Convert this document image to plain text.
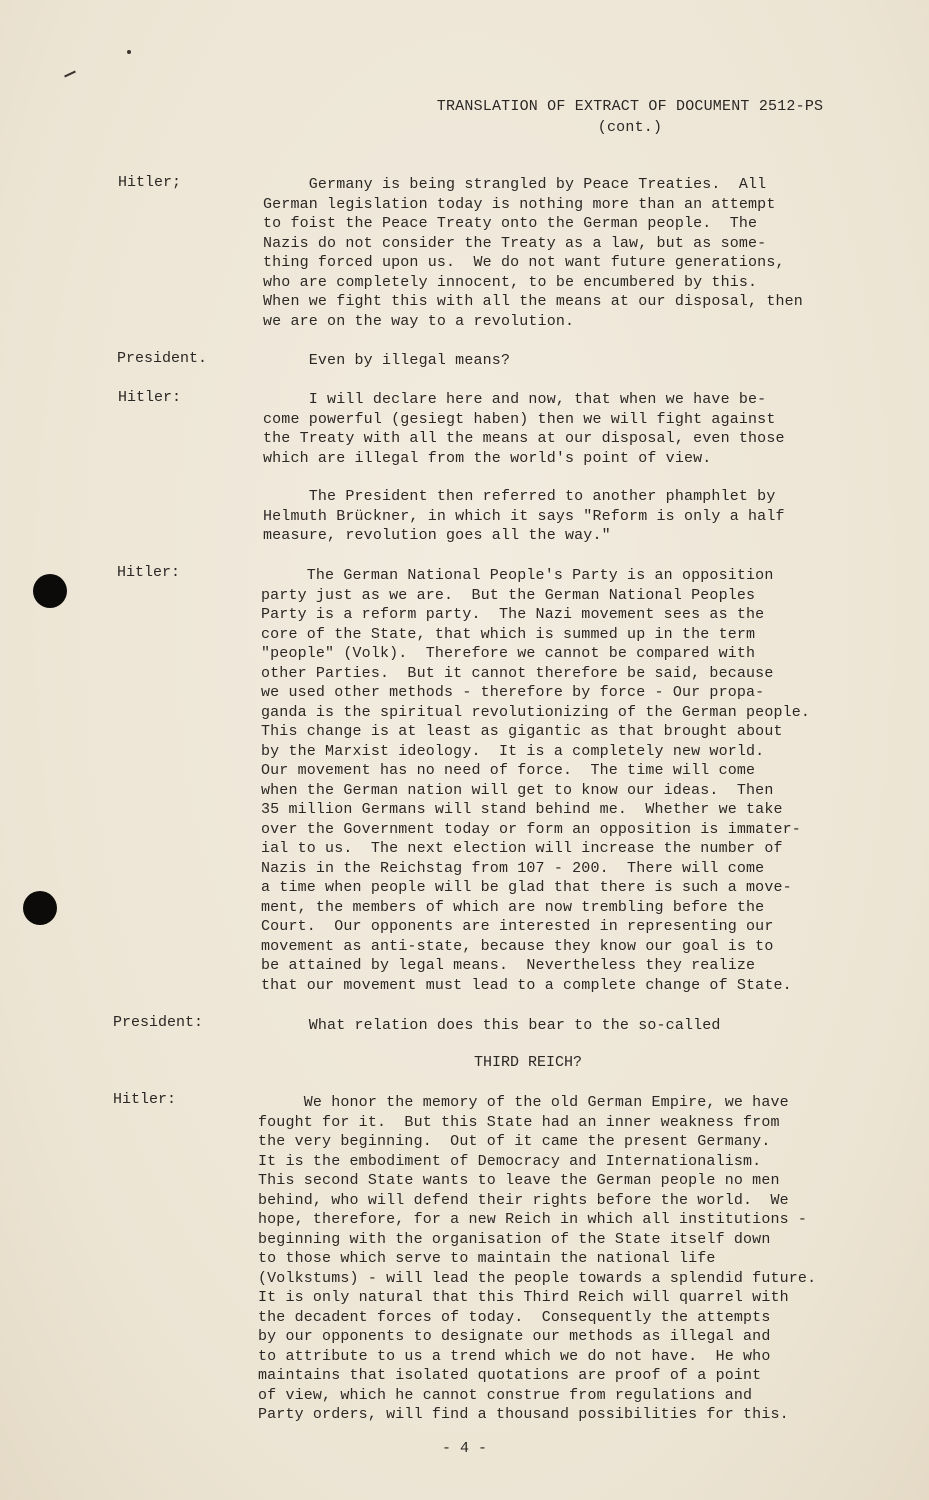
TRANSLATION OF EXTRACT OF DOCUMENT 2512-PS
(cont.)
Hitler;	Germany is being strangled by Peace Treaties.  All
German legislation today is nothing more than an attempt
to foist the Peace Treaty onto the German people.  The
Nazis do not consider the Treaty as a law, but as some-
thing forced upon us.  We do not want future generations,
who are completely innocent, to be encumbered by this.
When we fight this with all the means at our disposal, then
we are on the way to a revolution.
President.	Even by illegal means?
Hitler:	I will declare here and now, that when we have be-
come powerful (gesiegt haben) then we will fight against
the Treaty with all the means at our disposal, even those
which are illegal from the world's point of view.
The President then referred to another phamphlet by
Helmuth Brückner, in which it says "Reform is only a half
measure, revolution goes all the way."
Hitler:	The German National People's Party is an opposition
party just as we are.  But the German National Peoples
Party is a reform party.  The Nazi movement sees as the
core of the State, that which is summed up in the term
"people" (Volk).  Therefore we cannot be compared with
other Parties.  But it cannot therefore be said, because
we used other methods - therefore by force - Our propa-
ganda is the spiritual revolutionizing of the German people.
This change is at least as gigantic as that brought about
by the Marxist ideology.  It is a completely new world.
Our movement has no need of force.  The time will come
when the German nation will get to know our ideas.  Then
35 million Germans will stand behind me.  Whether we take
over the Government today or form an opposition is immater-
ial to us.  The next election will increase the number of
Nazis in the Reichstag from 107 - 200.  There will come
a time when people will be glad that there is such a move-
ment, the members of which are now trembling before the
Court.  Our opponents are interested in representing our
movement as anti-state, because they know our goal is to
be attained by legal means.  Nevertheless they realize
that our movement must lead to a complete change of State.
President:	What relation does this bear to the so-called
THIRD REICH?
Hitler:	We honor the memory of the old German Empire, we have
fought for it.  But this State had an inner weakness from
the very beginning.  Out of it came the present Germany.
It is the embodiment of Democracy and Internationalism.
This second State wants to leave the German people no men
behind, who will defend their rights before the world.  We
hope, therefore, for a new Reich in which all institutions -
beginning with the organisation of the State itself down
to those which serve to maintain the national life
(Volkstums) - will lead the people towards a splendid future.
It is only natural that this Third Reich will quarrel with
the decadent forces of today.  Consequently the attempts
by our opponents to designate our methods as illegal and
to attribute to us a trend which we do not have.  He who
maintains that isolated quotations are proof of a point
of view, which he cannot construe from regulations and
Party orders, will find a thousand possibilities for this.
- 4 -
